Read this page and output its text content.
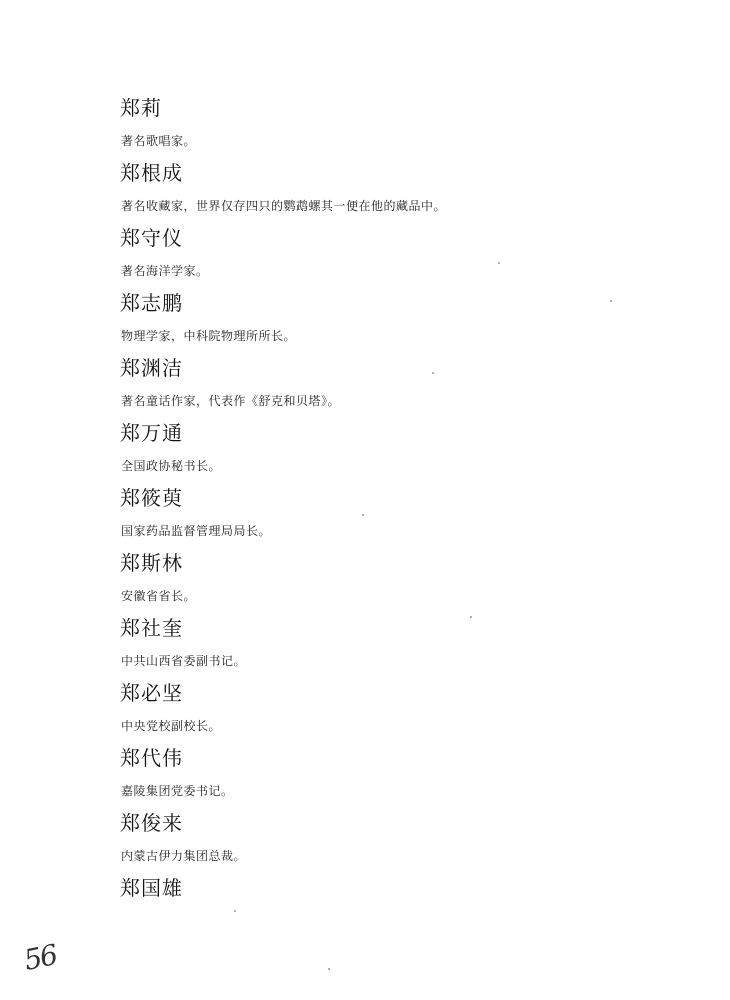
郑莉
著名歌唱家。
郑根成
著名收藏家，世界仅存四只的鹦鹉螺其一便在他的藏品中。
郑守仪
著名海洋学家。
郑志鹏
物理学家，中科院物理所所长。
郑渊洁
著名童话作家，代表作《舒克和贝塔》。
郑万通
全国政协秘书长。
郑筱萸
国家药品监督管理局局长。
郑斯林
安徽省省长。
郑社奎
中共山西省委副书记。
郑必坚
中央党校副校长。
郑代伟
嘉陵集团党委书记。
郑俊来
内蒙古伊力集团总裁。
郑国雄
56
